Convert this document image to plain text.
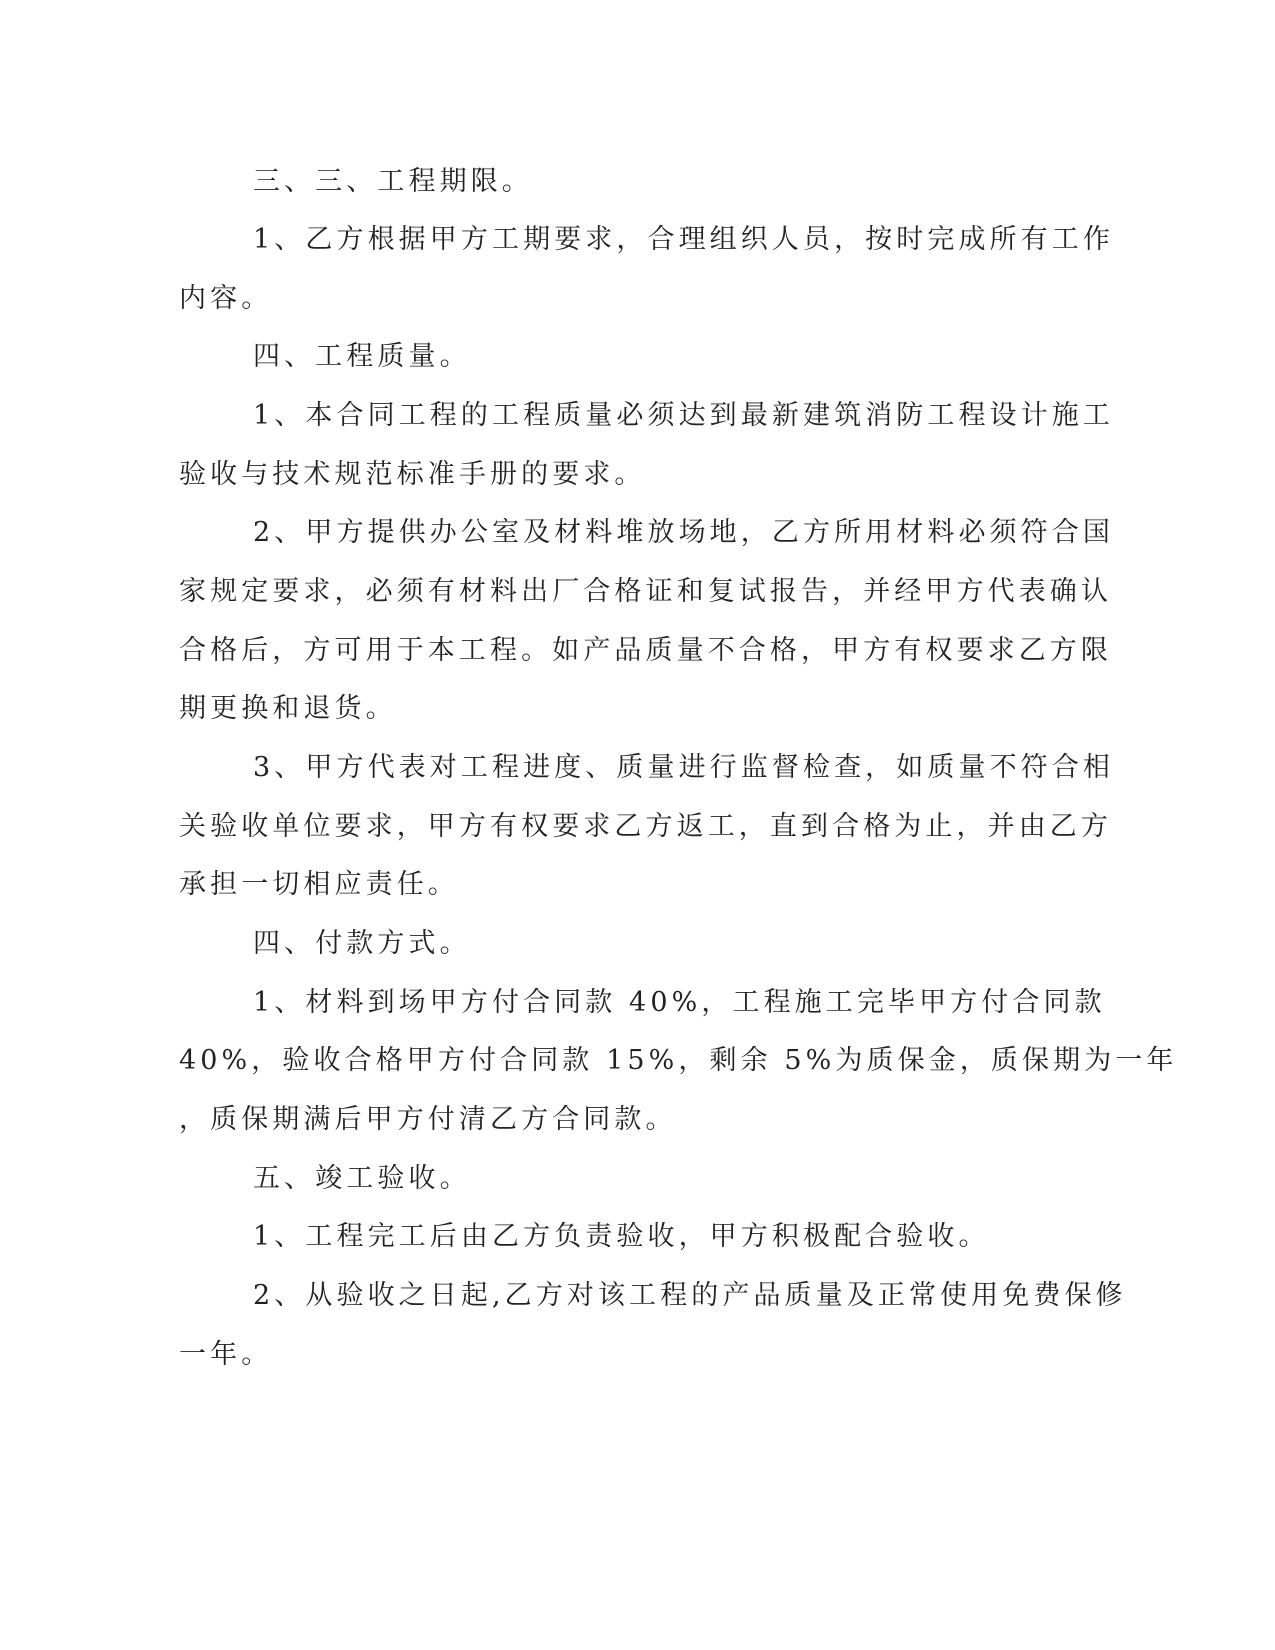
三、三、工程期限。

1、乙方根据甲方工期要求，合理组织人员，按时完成所有工作

内容。

四、工程质量。

1、本合同工程的工程质量必须达到最新建筑消防工程设计施工

验收与技术规范标准手册的要求。

2、甲方提供办公室及材料堆放场地，乙方所用材料必须符合国

家规定要求，必须有材料出厂合格证和复试报告，并经甲方代表确认

合格后，方可用于本工程。如产品质量不合格，甲方有权要求乙方限

期更换和退货。

3、甲方代表对工程进度、质量进行监督检查，如质量不符合相

关验收单位要求，甲方有权要求乙方返工，直到合格为止，并由乙方

承担一切相应责任。

四、付款方式。

1、材料到场甲方付合同款 40%，工程施工完毕甲方付合同款

40%，验收合格甲方付合同款 15%，剩余 5%为质保金，质保期为一年

，质保期满后甲方付清乙方合同款。

五、竣工验收。

1、工程完工后由乙方负责验收，甲方积极配合验收。

2、从验收之日起,乙方对该工程的产品质量及正常使用免费保修

一年。
